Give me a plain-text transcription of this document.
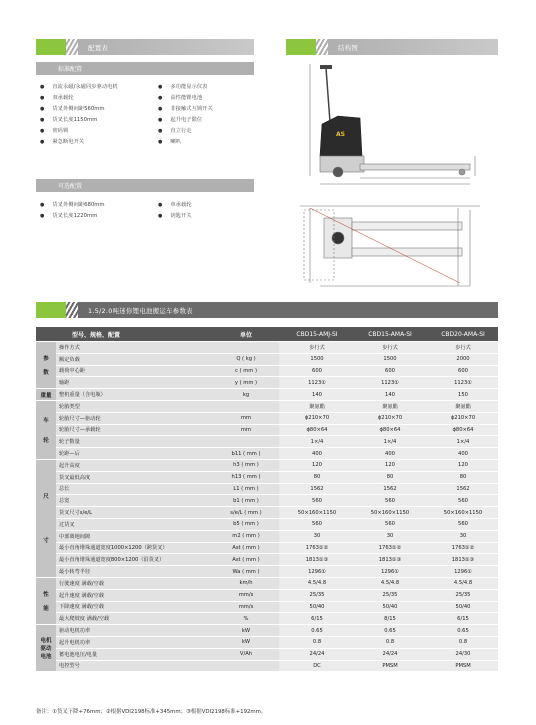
配置表	结构图
标准配置
● 直流永磁/永磁同步驱动电机
● 双承载轮
● 货叉外侧间距560mm
● 货叉长度1150mm
● 密码锁
● 紧急断电开关
● 多功能显示仪表
● 高性能锂电池
● 非接触式互锁开关
● 起升电子限位
● 直立行走
● 喇叭
可选配置
● 货叉外侧间距680mm
● 货叉长度1220mm
● 单承载轮
● 钥匙开关
AS
1.5/2.0吨迷你锂电池搬运车参数表
型号、规格、配置		单位	CBD15-AMJ-SI	CBD15-AMA-SI	CBD20-AMA-SI
参

数	操作方式		步行式	步行式	步行式
	额定负载	Q ( kg )	1500	1500	2000
	载荷中心距	c ( mm )	600	600	600
	轴距	y ( mm )	1123①	1123①	1123①
重量	整机重量（含电瓶）	kg	140	140	150
车

轮	轮胎类型		聚氨酯	聚氨酯	聚氨酯
	轮胎尺寸—驱动轮	mm	ϕ210×70	ϕ210×70	ϕ210×70
	轮胎尺寸—承载轮	mm	ϕ80×64	ϕ80×64	ϕ80×64
	轮子数量		1×/4	1×/4	1×/4
	轮距—后	b11 ( mm )	400	400	400
尺

寸	起升高度	h3 ( mm )	120	120	120
	货叉最低高度	h13 ( mm )	80	80	80
	总长	L1 ( mm )	1562	1562	1562
	总宽	b1 ( mm )	560	560	560
	货叉尺寸s/e/L	s/e/L ( mm )	50×160×1150	50×160×1150	50×160×1150
	过货叉	b5 ( mm )	560	560	560
	中部离地间隙	m2 ( mm )	30	30	30
	最小直角堆垛通道宽度1000×1200（跨货叉）	Ast ( mm )	1763①②	1763①②	1763①②
	最小直角堆垛通道宽度800×1200（沿货叉）	Ast ( mm )	1813①③	1813①③	1813①③
	最小转弯半径	Wa ( mm )	1296①	1296①	1296①
性

能	行驶速度 满载/空载	km/h	4.5/4.8	4.5/4.8	4.5/4.8
	起升速度 满载/空载	mm/s	25/35	25/35	25/35
	下降速度 满载/空载	mm/s	50/40	50/40	50/40
	最大爬坡度 满载/空载	%	6/15	8/15	6/15
电机
驱动
电池	驱动电机功率	kW	0.65	0.65	0.65
	起升电机功率	kW	0.8	0.8	0.8
	蓄电池电压/电量	V/Ah	24/24	24/24	24/30
	电控型号		DC	PMSM	PMSM
备注：①货叉下降+76mm；②根据VDI2198标准+345mm；③根据VDI2198标准+192mm。
